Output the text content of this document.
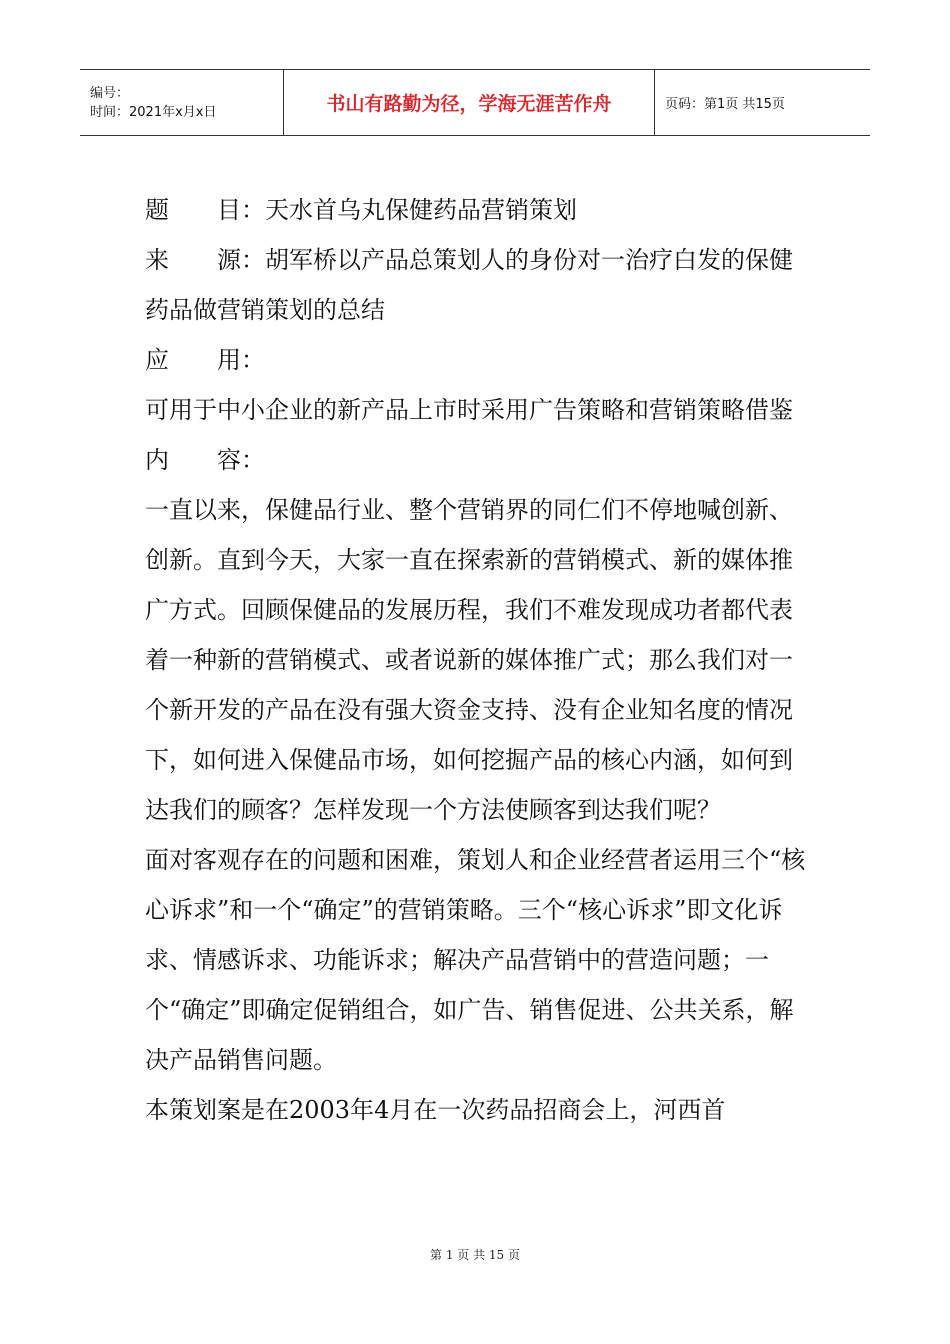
编号：
时间：2021年x月x日	书山有路勤为径，学海无涯苦作舟	页码：第1页 共15页

题　　目：天水首乌丸保健药品营销策划

来　　源：胡军桥以产品总策划人的身份对一治疗白发的保健药品做营销策划的总结

应　　用：

可用于中小企业的新产品上市时采用广告策略和营销策略借鉴

内　　容：

一直以来，保健品行业、整个营销界的同仁们不停地喊创新、创新。直到今天，大家一直在探索新的营销模式、新的媒体推广方式。回顾保健品的发展历程，我们不难发现成功者都代表着一种新的营销模式、或者说新的媒体推广式；那么我们对一个新开发的产品在没有强大资金支持、没有企业知名度的情况下，如何进入保健品市场，如何挖掘产品的核心内涵，如何到达我们的顾客？怎样发现一个方法使顾客到达我们呢？

面对客观存在的问题和困难，策划人和企业经营者运用三个“核心诉求”和一个“确定”的营销策略。三个“核心诉求”即文化诉求、情感诉求、功能诉求；解决产品营销中的营造问题；一个“确定”即确定促销组合，如广告、销售促进、公共关系，解决产品销售问题。

本策划案是在2003年4月在一次药品招商会上，河西首

第 1 页 共 15 页
